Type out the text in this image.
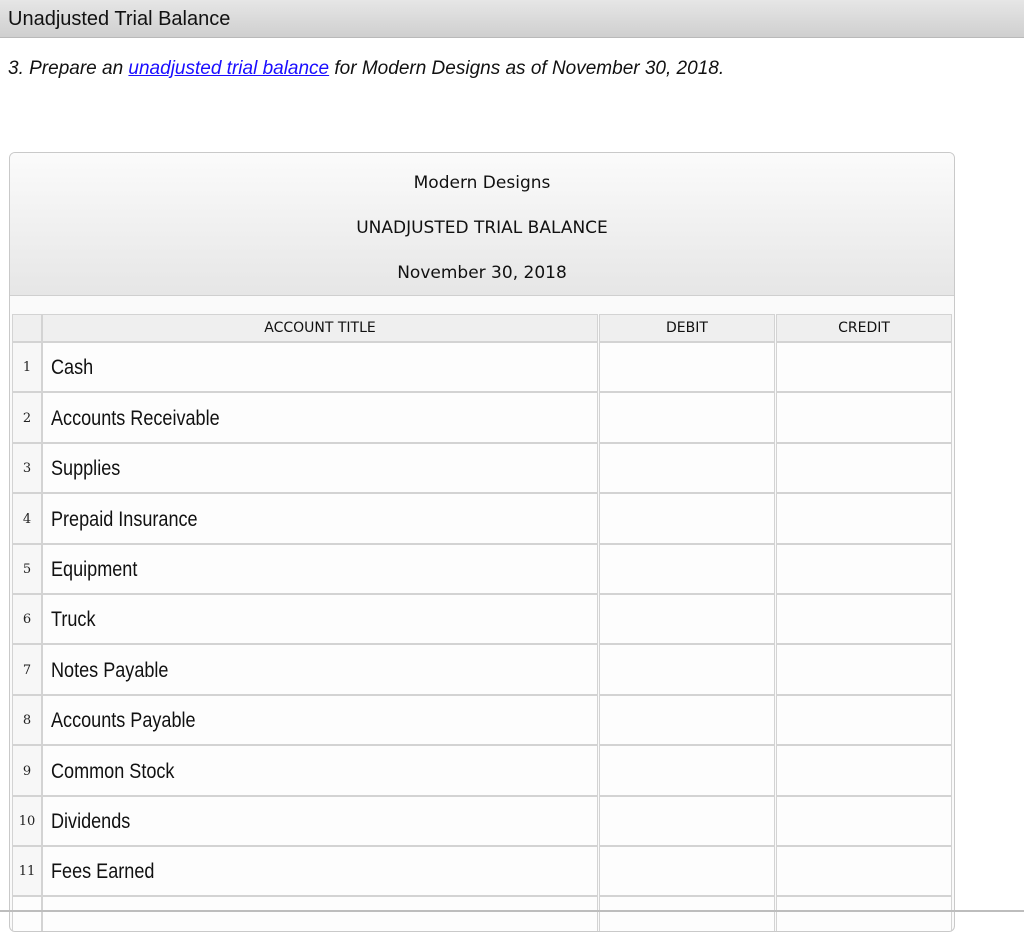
Unadjusted Trial Balance
3. Prepare an unadjusted trial balance for Modern Designs as of November 30, 2018.
Modern Designs
UNADJUSTED TRIAL BALANCE
November 30, 2018
ACCOUNT TITLE	DEBIT	CREDIT
1 Cash
2 Accounts Receivable
3 Supplies
4 Prepaid Insurance
5 Equipment
6 Truck
7 Notes Payable
8 Accounts Payable
9 Common Stock
10 Dividends
11 Fees Earned
